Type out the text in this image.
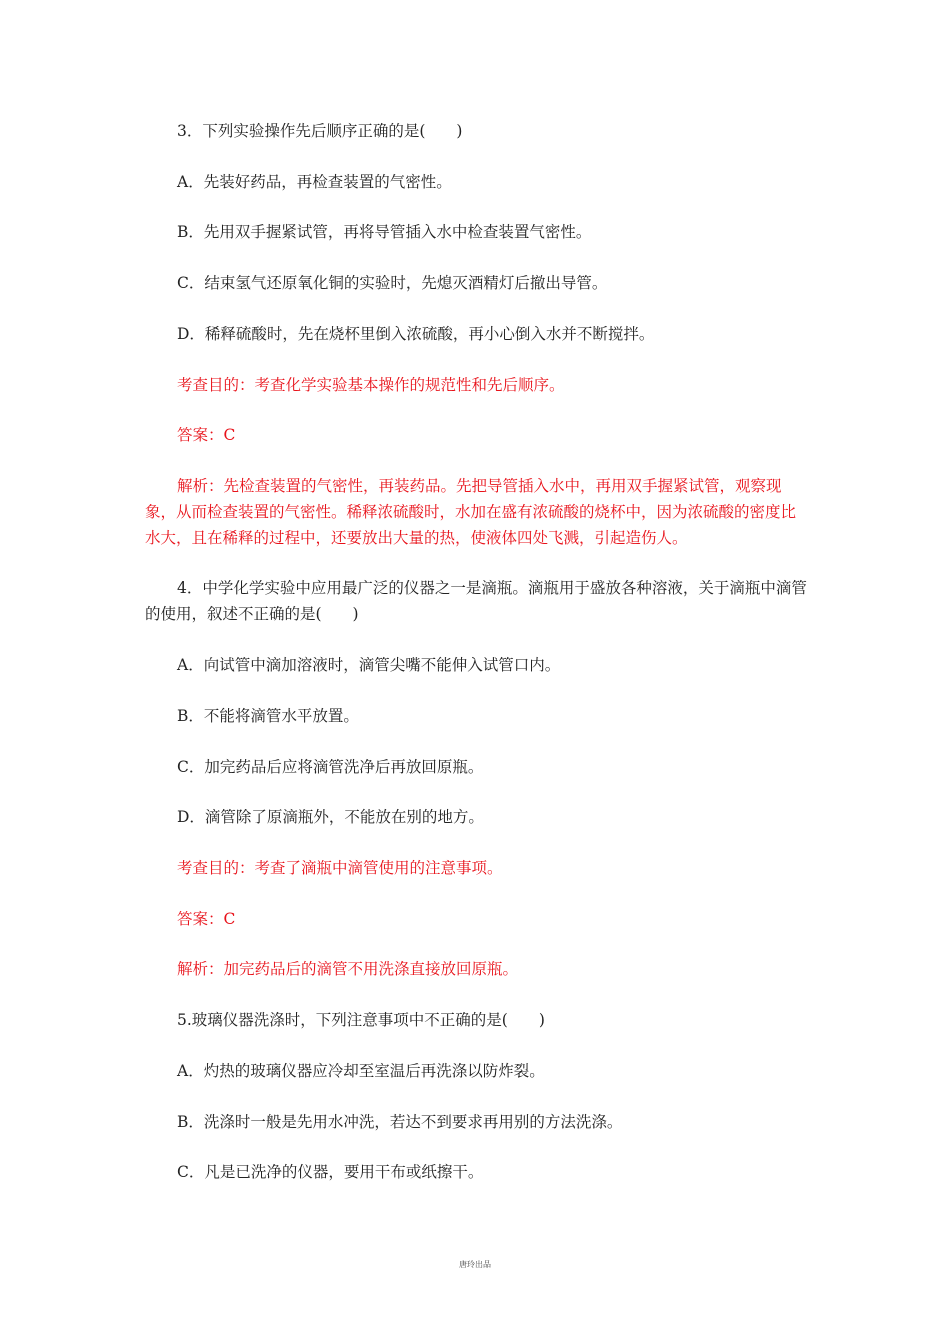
3．下列实验操作先后顺序正确的是(　　)

A．先装好药品，再检查装置的气密性。

B．先用双手握紧试管，再将导管插入水中检查装置气密性。

C．结束氢气还原氧化铜的实验时，先熄灭酒精灯后撤出导管。

D．稀释硫酸时，先在烧杯里倒入浓硫酸，再小心倒入水并不断搅拌。

考查目的：考查化学实验基本操作的规范性和先后顺序。

答案：C

解析：先检查装置的气密性，再装药品。先把导管插入水中，再用双手握紧试管，观察现象，从而检查装置的气密性。稀释浓硫酸时，水加在盛有浓硫酸的烧杯中，因为浓硫酸的密度比水大，且在稀释的过程中，还要放出大量的热，使液体四处飞溅，引起造伤人。

4．中学化学实验中应用最广泛的仪器之一是滴瓶。滴瓶用于盛放各种溶液，关于滴瓶中滴管的使用，叙述不正确的是(　　)

A．向试管中滴加溶液时，滴管尖嘴不能伸入试管口内。

B．不能将滴管水平放置。

C．加完药品后应将滴管洗净后再放回原瓶。

D．滴管除了原滴瓶外，不能放在别的地方。

考查目的：考查了滴瓶中滴管使用的注意事项。

答案：C

解析：加完药品后的滴管不用洗涤直接放回原瓶。

5.玻璃仪器洗涤时，下列注意事项中不正确的是(　　)

A．灼热的玻璃仪器应冷却至室温后再洗涤以防炸裂。

B．洗涤时一般是先用水冲洗，若达不到要求再用别的方法洗涤。

C．凡是已洗净的仪器，要用干布或纸擦干。

唐玲出品
